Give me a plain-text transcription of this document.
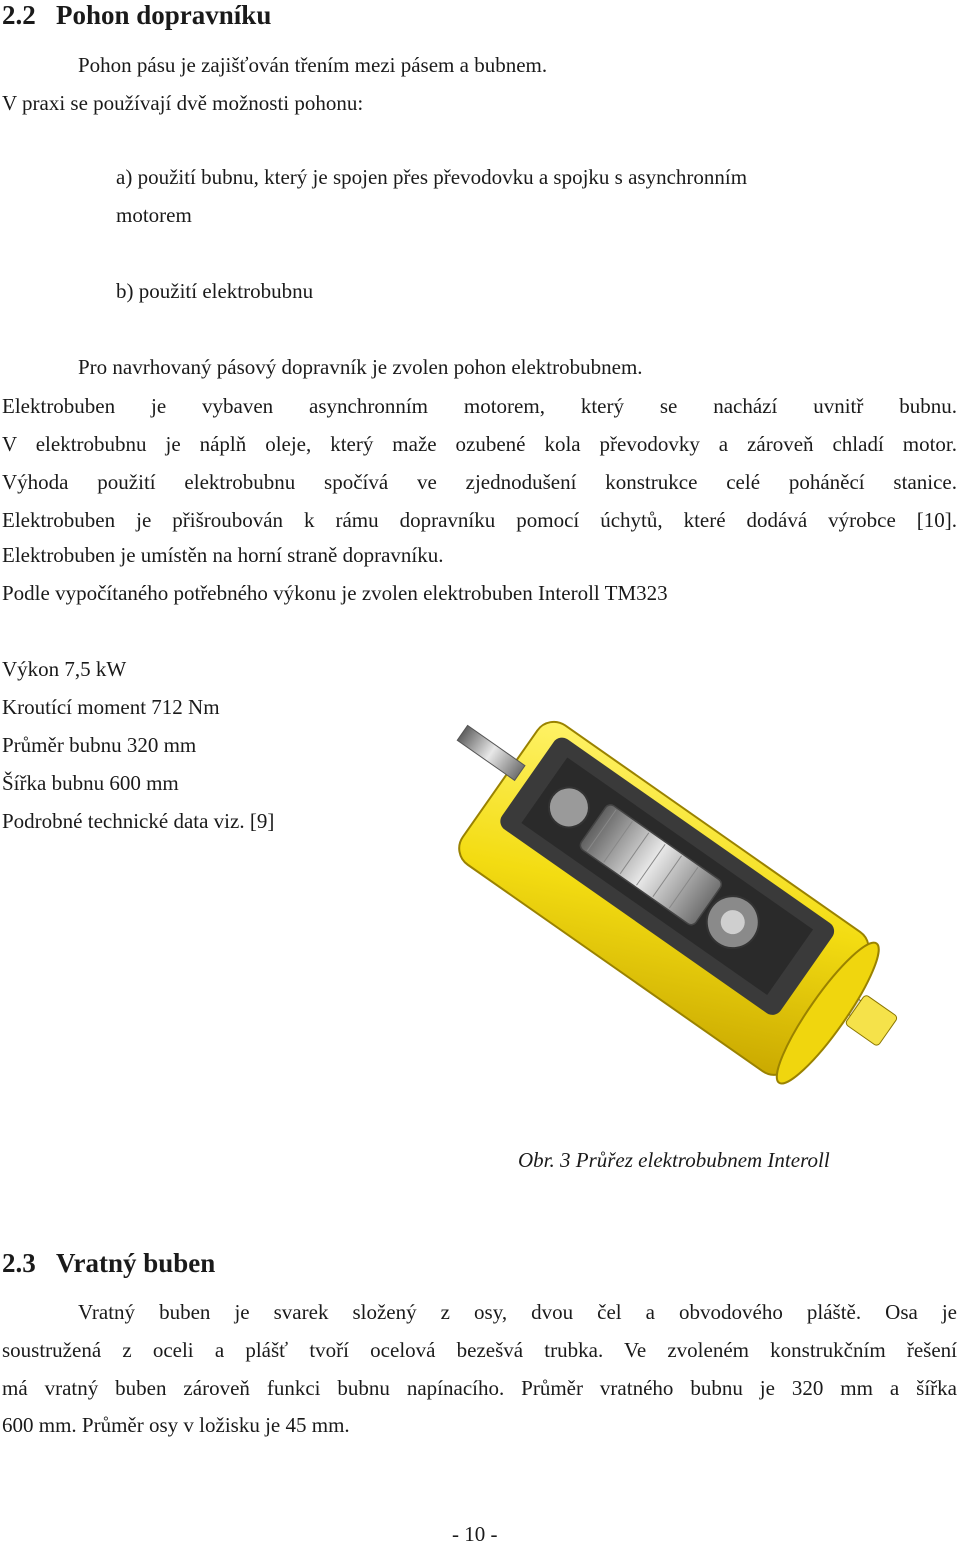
2.2 Pohon dopravníku
Pohon pásu je zajišťován třením mezi pásem a bubnem.
V praxi se používají dvě možnosti pohonu:
a) použití bubnu, který je spojen přes převodovku a spojku s asynchronním
motorem
b) použití elektrobubnu
Pro navrhovaný pásový dopravník je zvolen pohon elektrobubnem.
Elektrobuben je vybaven asynchronním motorem, který se nachází uvnitř bubnu.
V elektrobubnu je náplň oleje, který maže ozubené kola převodovky a zároveň chladí motor.
Výhoda použití elektrobubnu spočívá ve zjednodušení konstrukce celé poháněcí stanice.
Elektrobuben je přišroubován k rámu dopravníku pomocí úchytů, které dodává výrobce [10].
Elektrobuben je umístěn na horní straně dopravníku.
Podle vypočítaného potřebného výkonu je zvolen elektrobuben Interoll TM323
Výkon 7,5 kW
Kroutící moment 712 Nm
Průměr bubnu 320 mm
Šířka bubnu 600 mm
Podrobné technické data viz. [9]
Obr. 3 Průřez elektrobubnem Interoll
2.3 Vratný buben
Vratný buben je svarek složený z osy, dvou čel a obvodového pláště. Osa je
soustružená z oceli a plášť tvoří ocelová bezešvá trubka. Ve zvoleném konstrukčním řešení
má vratný buben zároveň funkci bubnu napínacího. Průměr vratného bubnu je 320 mm a šířka
600 mm. Průměr osy v ložisku je 45 mm.
- 10 -
